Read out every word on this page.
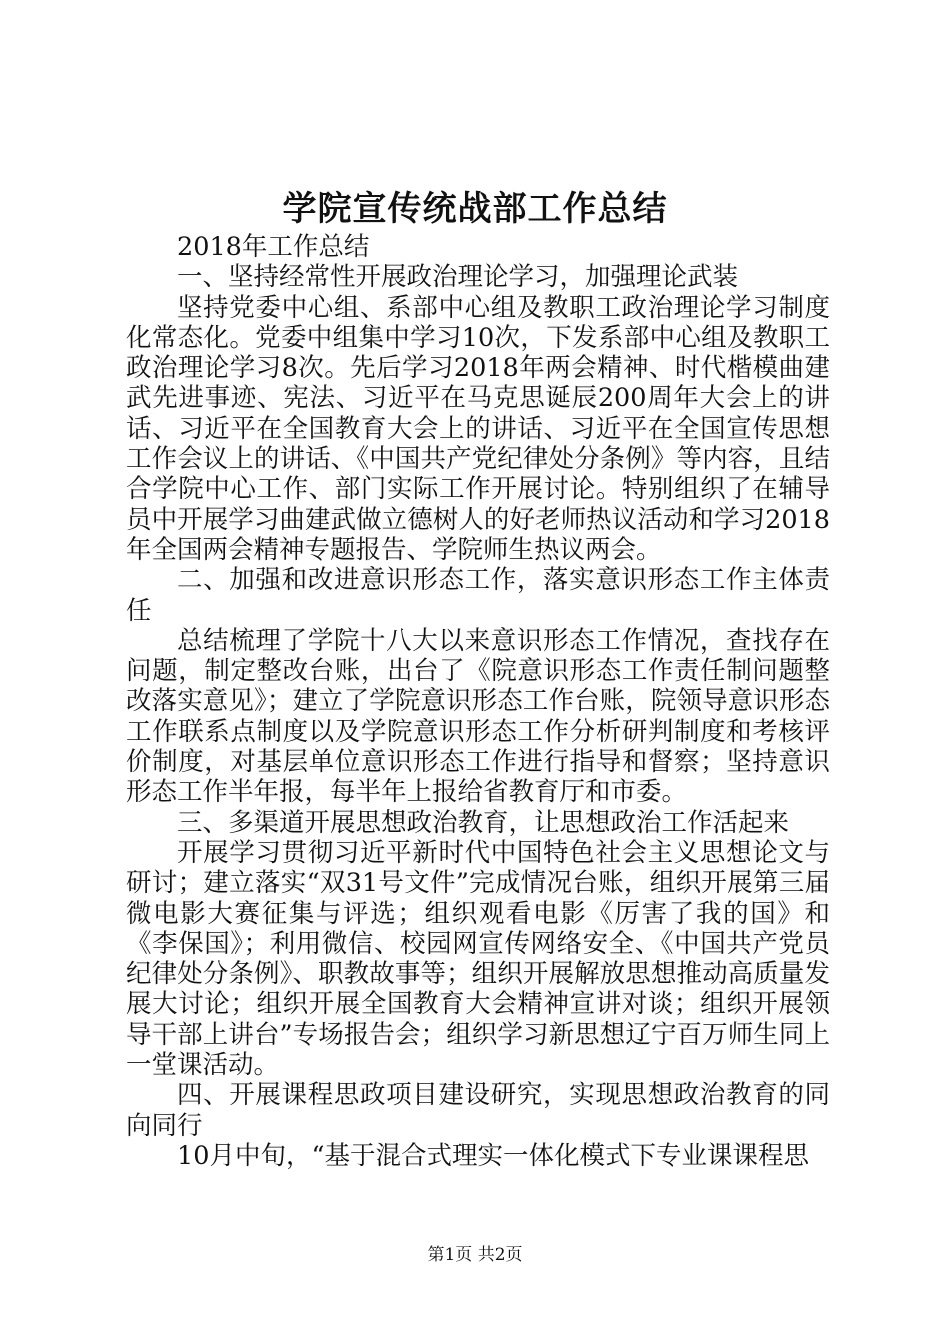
学院宣传统战部工作总结

2018年工作总结

一、坚持经常性开展政治理论学习，加强理论武装

坚持党委中心组、系部中心组及教职工政治理论学习制度化常态化。党委中组集中学习10次，下发系部中心组及教职工政治理论学习8次。先后学习2018年两会精神、时代楷模曲建武先进事迹、宪法、习近平在马克思诞辰200周年大会上的讲话、习近平在全国教育大会上的讲话、习近平在全国宣传思想工作会议上的讲话、《中国共产党纪律处分条例》等内容，且结合学院中心工作、部门实际工作开展讨论。特别组织了在辅导员中开展学习曲建武做立德树人的好老师热议活动和学习2018年全国两会精神专题报告、学院师生热议两会。

二、加强和改进意识形态工作，落实意识形态工作主体责任

总结梳理了学院十八大以来意识形态工作情况，查找存在问题，制定整改台账，出台了《院意识形态工作责任制问题整改落实意见》；建立了学院意识形态工作台账，院领导意识形态工作联系点制度以及学院意识形态工作分析研判制度和考核评价制度，对基层单位意识形态工作进行指导和督察；坚持意识形态工作半年报，每半年上报给省教育厅和市委。

三、多渠道开展思想政治教育，让思想政治工作活起来

开展学习贯彻习近平新时代中国特色社会主义思想论文与研讨；建立落实“双31号文件”完成情况台账，组织开展第三届微电影大赛征集与评选；组织观看电影《厉害了我的国》和《李保国》；利用微信、校园网宣传网络安全、《中国共产党员纪律处分条例》、职教故事等；组织开展解放思想推动高质量发展大讨论；组织开展全国教育大会精神宣讲对谈；组织开展领导干部上讲台”专场报告会；组织学习新思想辽宁百万师生同上一堂课活动。

四、开展课程思政项目建设研究，实现思想政治教育的同向同行

10月中旬，“基于混合式理实一体化模式下专业课课程思

第1页 共2页
